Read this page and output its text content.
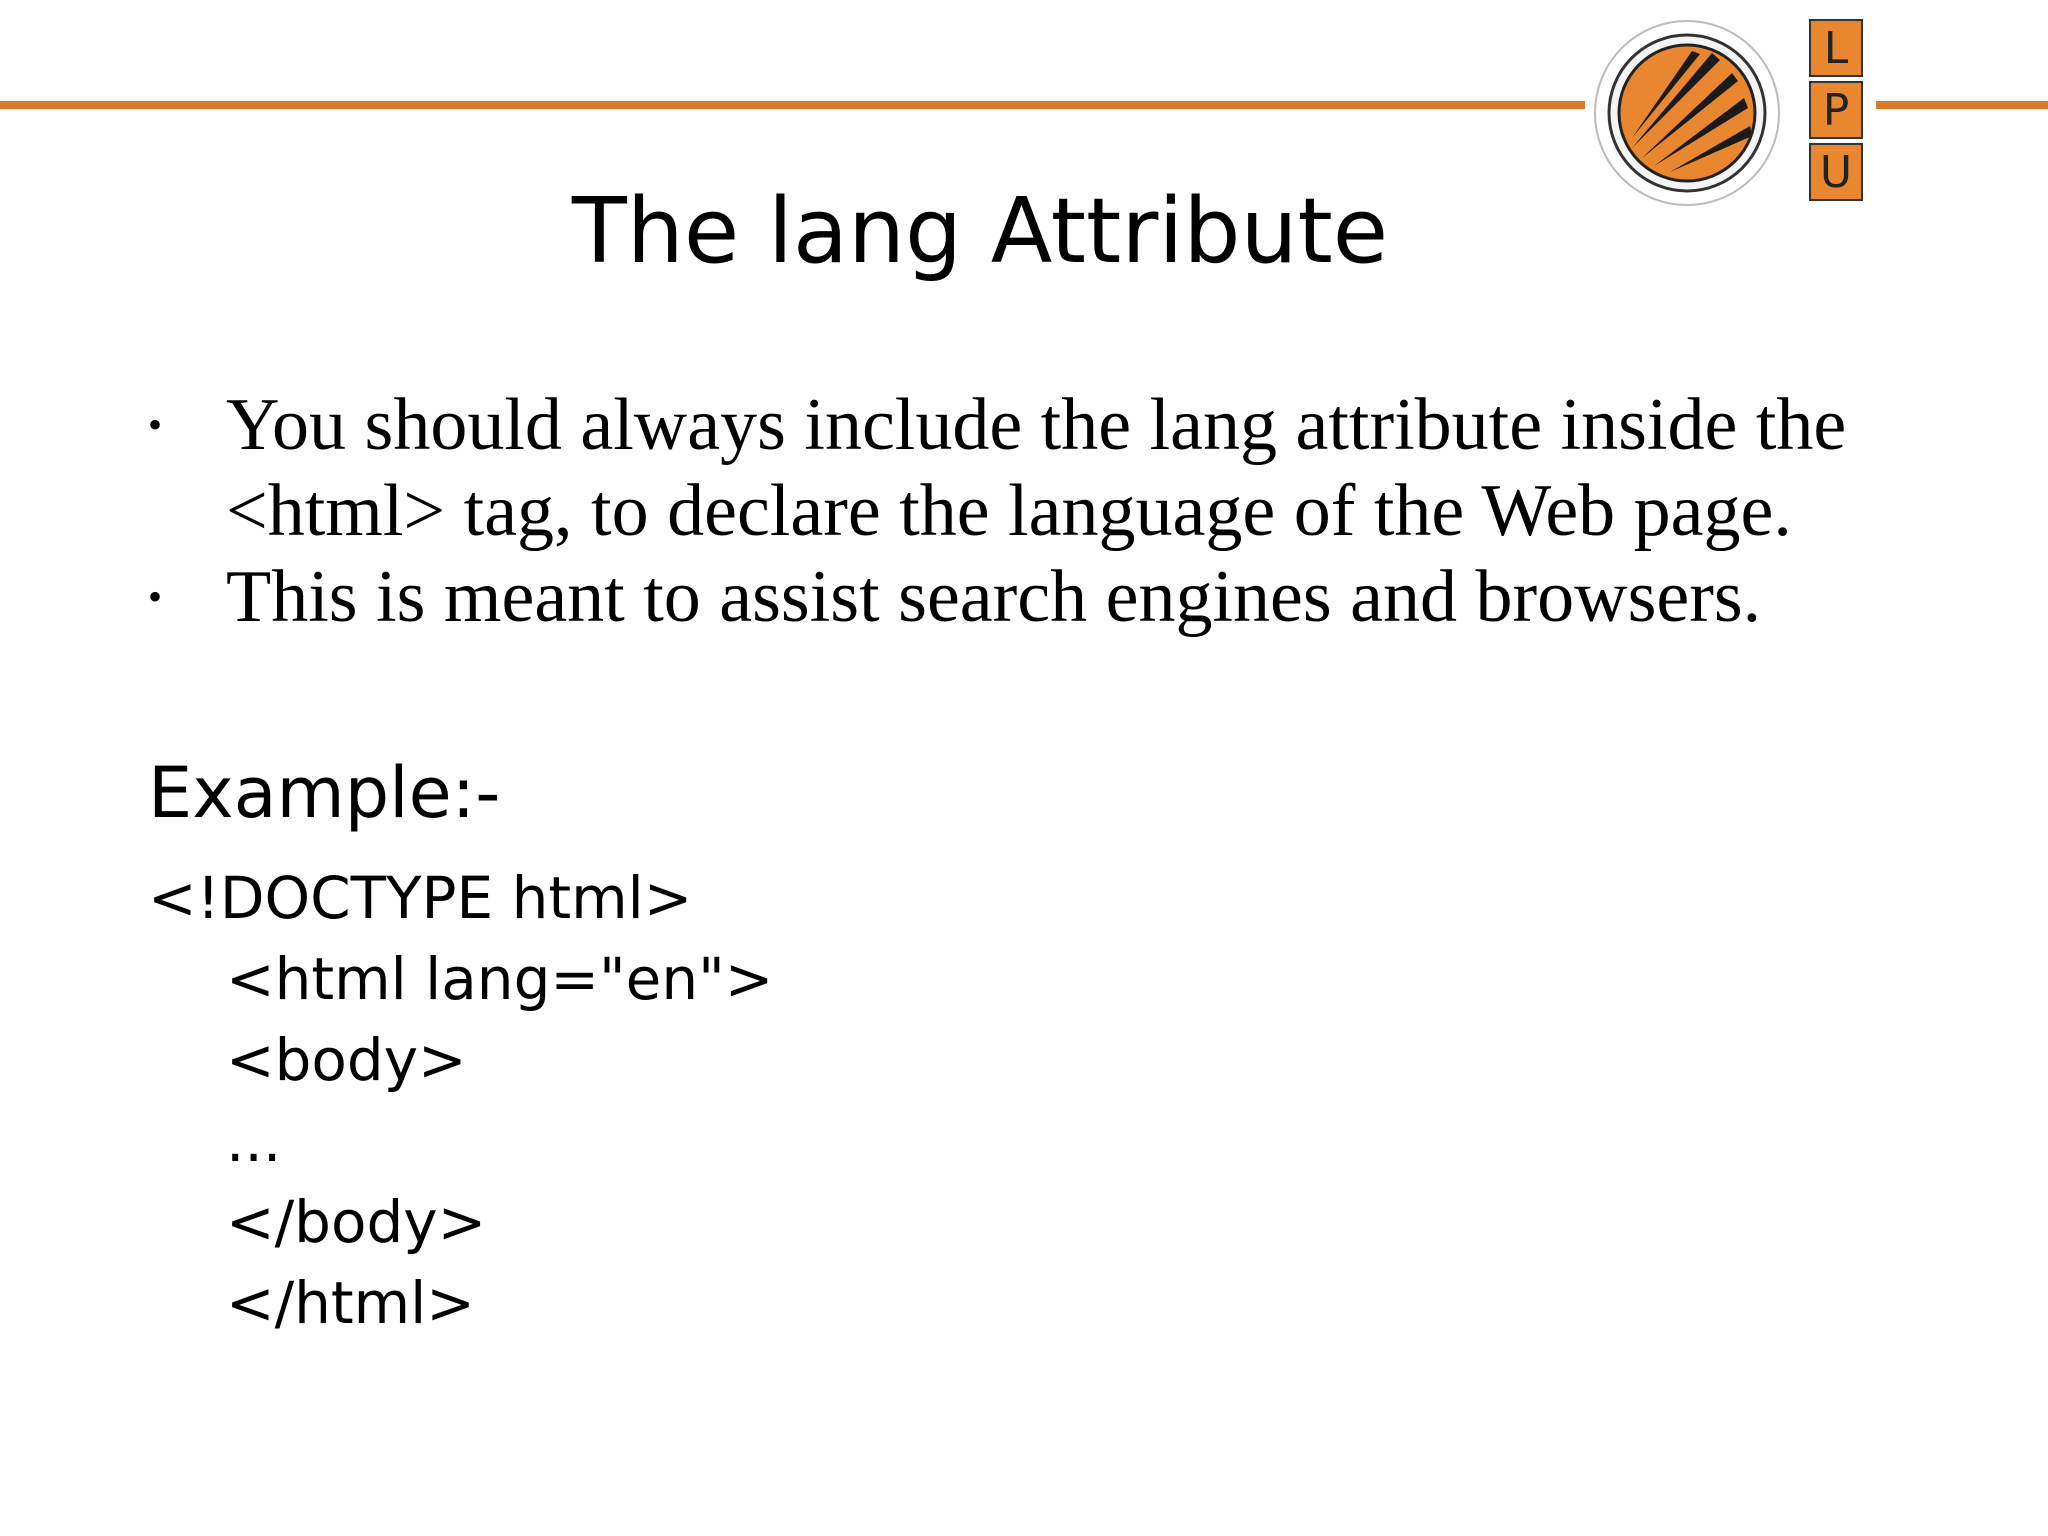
L
P
U
The lang Attribute
• You should always include the lang attribute inside the <html> tag, to declare the language of the Web page.
• This is meant to assist search engines and browsers.

Example:-

<!DOCTYPE html>
<html lang="en">
<body>
...
</body>
</html>
